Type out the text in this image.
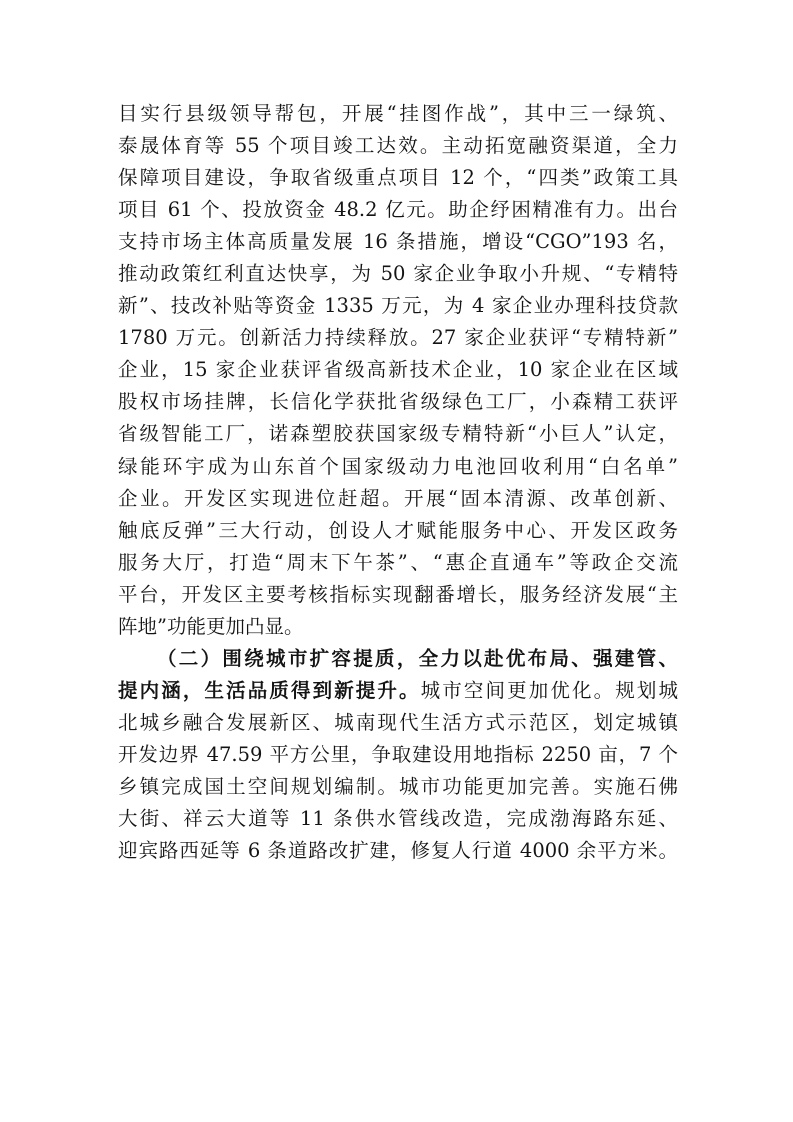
目实行县级领导帮包，开展“挂图作战”，其中三一绿筑、
泰晟体育等 55 个项目竣工达效。主动拓宽融资渠道，全力
保障项目建设，争取省级重点项目 12 个，“四类”政策工具
项目 61 个、投放资金 48.2 亿元。助企纾困精准有力。出台
支持市场主体高质量发展 16 条措施，增设“CGO”193 名，
推动政策红利直达快享，为 50 家企业争取小升规、“专精特
新”、技改补贴等资金 1335 万元，为 4 家企业办理科技贷款
1780 万元。创新活力持续释放。27 家企业获评“专精特新”
企业，15 家企业获评省级高新技术企业，10 家企业在区域
股权市场挂牌，长信化学获批省级绿色工厂，小森精工获评
省级智能工厂，诺森塑胶获国家级专精特新“小巨人”认定，
绿能环宇成为山东首个国家级动力电池回收利用“白名单”
企业。开发区实现进位赶超。开展“固本清源、改革创新、
触底反弹”三大行动，创设人才赋能服务中心、开发区政务
服务大厅，打造“周末下午茶”、“惠企直通车”等政企交流
平台，开发区主要考核指标实现翻番增长，服务经济发展“主
阵地”功能更加凸显。
（二）围绕城市扩容提质，全力以赴优布局、强建管、
提内涵，生活品质得到新提升。城市空间更加优化。规划城
北城乡融合发展新区、城南现代生活方式示范区，划定城镇
开发边界 47.59 平方公里，争取建设用地指标 2250 亩，7 个
乡镇完成国土空间规划编制。城市功能更加完善。实施石佛
大街、祥云大道等 11 条供水管线改造，完成渤海路东延、
迎宾路西延等 6 条道路改扩建，修复人行道 4000 余平方米。
